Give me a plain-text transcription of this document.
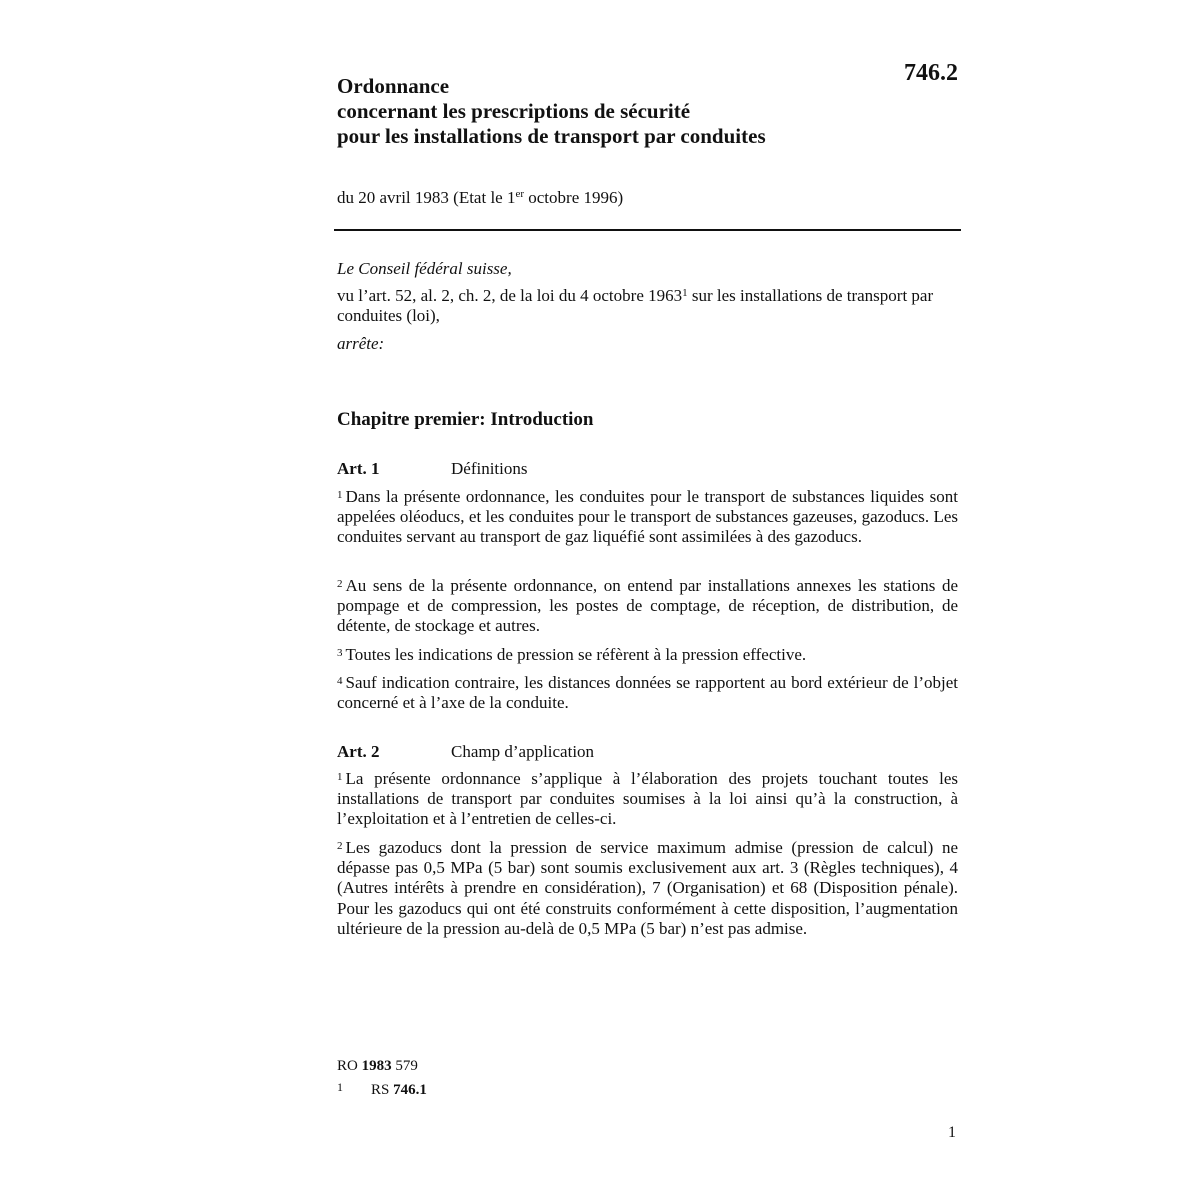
746.2
Ordonnance
concernant les prescriptions de sécurité
pour les installations de transport par conduites
du 20 avril 1983 (Etat le 1er octobre 1996)
Le Conseil fédéral suisse,
vu l’art. 52, al. 2, ch. 2, de la loi du 4 octobre 1963$^1$ sur les installations de transport par conduites (loi),
arrête:
Chapitre premier: Introduction
Art. 1	Définitions

$^1$ Dans la présente ordonnance, les conduites pour le transport de substances liquides sont appelées oléoducs, et les conduites pour le transport de substances gazeuses, gazoducs. Les conduites servant au transport de gaz liquéfié sont assimilées à des gazoducs.

$^2$ Au sens de la présente ordonnance, on entend par installations annexes les stations de pompage et de compression, les postes de comptage, de réception, de distribution, de détente, de stockage et autres.

$^3$ Toutes les indications de pression se réfèrent à la pression effective.

$^4$ Sauf indication contraire, les distances données se rapportent au bord extérieur de l’objet concerné et à l’axe de la conduite.

Art. 2	Champ d’application

$^1$ La présente ordonnance s’applique à l’élaboration des projets touchant toutes les installations de transport par conduites soumises à la loi ainsi qu’à la construction, à l’exploitation et à l’entretien de celles-ci.

$^2$ Les gazoducs dont la pression de service maximum admise (pression de calcul) ne dépasse pas 0,5 MPa (5 bar) sont soumis exclusivement aux art. 3 (Règles techniques), 4 (Autres intérêts à prendre en considération), 7 (Organisation) et 68 (Disposition pénale). Pour les gazoducs qui ont été construits conformément à cette disposition, l’augmentation ultérieure de la pression au-delà de 0,5 MPa (5 bar) n’est pas admise.

RO 1983 579
1 RS 746.1
1
